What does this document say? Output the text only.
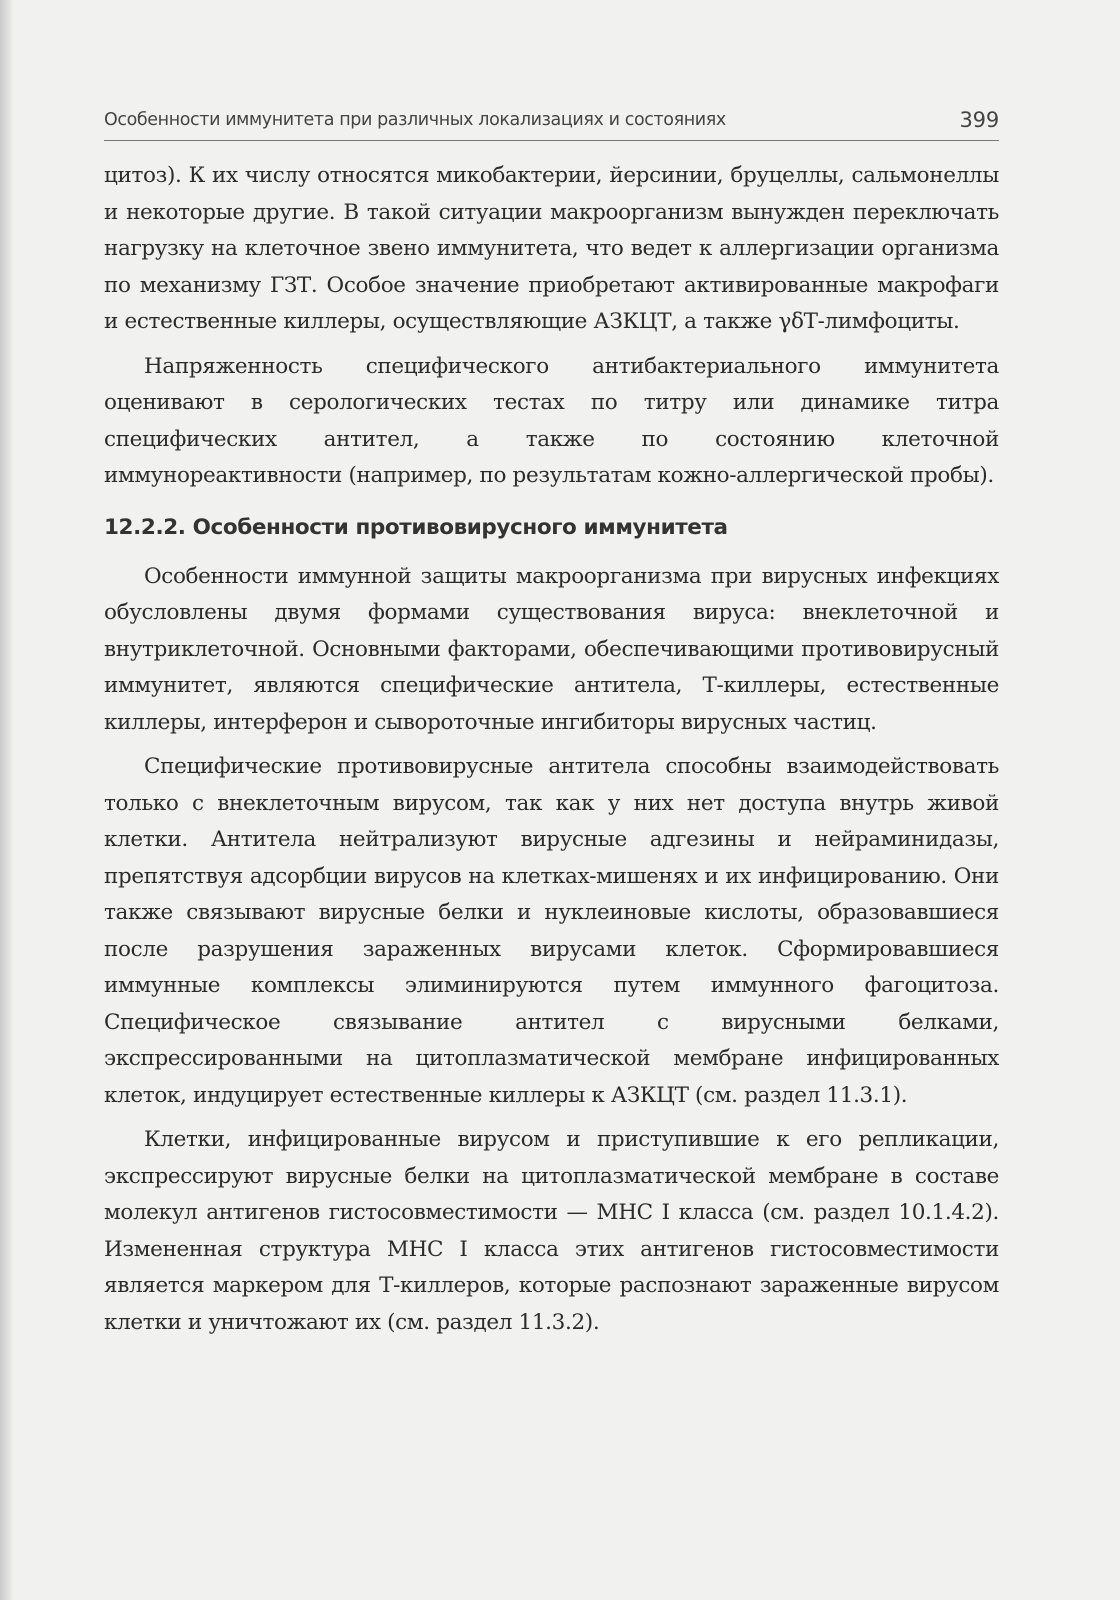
Особенности иммунитета при различных локализациях и состояниях	399

цитоз). К их числу относятся микобактерии, йерсинии, бруцеллы, сальмонеллы и некоторые другие. В такой ситуации макроорганизм вынужден переключать нагрузку на клеточное звено иммунитета, что ведет к аллергизации организма по механизму ГЗТ. Особое значение приобретают активированные макрофаги и естественные киллеры, осуществляющие АЗКЦТ, а также γδТ-лимфоциты.

Напряженность специфического антибактериального иммунитета оценивают в серологических тестах по титру или динамике титра специфических антител, а также по состоянию клеточной иммунореактивности (например, по результатам кожно-аллергической пробы).

12.2.2. Особенности противовирусного иммунитета

Особенности иммунной защиты макроорганизма при вирусных инфекциях обусловлены двумя формами существования вируса: внеклеточной и внутриклеточной. Основными факторами, обеспечивающими противовирусный иммунитет, являются специфические антитела, Т-киллеры, естественные киллеры, интерферон и сывороточные ингибиторы вирусных частиц.

Специфические противовирусные антитела способны взаимодействовать только с внеклеточным вирусом, так как у них нет доступа внутрь живой клетки. Антитела нейтрализуют вирусные адгезины и нейраминидазы, препятствуя адсорбции вирусов на клетках-мишенях и их инфицированию. Они также связывают вирусные белки и нуклеиновые кислоты, образовавшиеся после разрушения зараженных вирусами клеток. Сформировавшиеся иммунные комплексы элиминируются путем иммунного фагоцитоза. Специфическое связывание антител с вирусными белками, экспрессированными на цитоплазматической мембране инфицированных клеток, индуцирует естественные киллеры к АЗКЦТ (см. раздел 11.3.1).

Клетки, инфицированные вирусом и приступившие к его репликации, экспрессируют вирусные белки на цитоплазматической мембране в составе молекул антигенов гистосовместимости — МНС I класса (см. раздел 10.1.4.2). Измененная структура МНС I класса этих антигенов гистосовместимости является маркером для Т-киллеров, которые распознают зараженные вирусом клетки и уничтожают их (см. раздел 11.3.2).
